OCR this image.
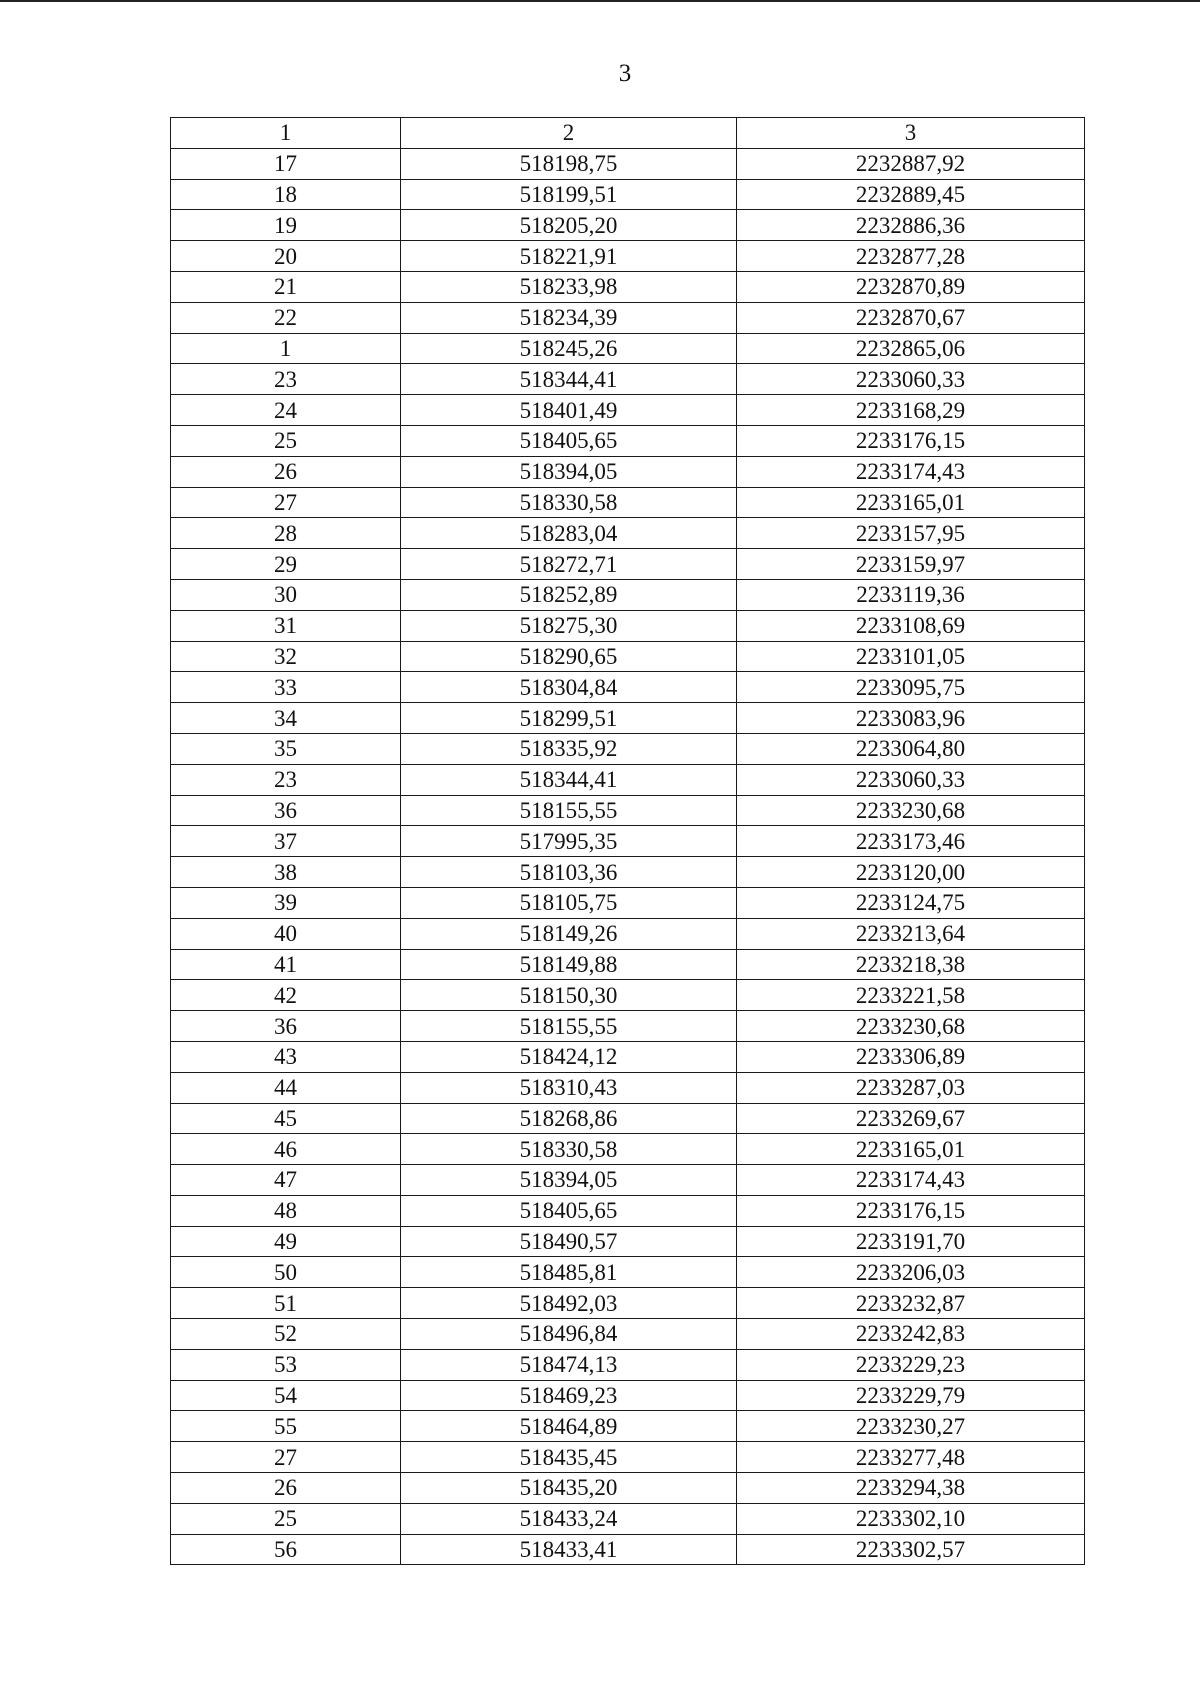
3
1	2	3
17	518198,75	2232887,92
18	518199,51	2232889,45
19	518205,20	2232886,36
20	518221,91	2232877,28
21	518233,98	2232870,89
22	518234,39	2232870,67
1	518245,26	2232865,06
23	518344,41	2233060,33
24	518401,49	2233168,29
25	518405,65	2233176,15
26	518394,05	2233174,43
27	518330,58	2233165,01
28	518283,04	2233157,95
29	518272,71	2233159,97
30	518252,89	2233119,36
31	518275,30	2233108,69
32	518290,65	2233101,05
33	518304,84	2233095,75
34	518299,51	2233083,96
35	518335,92	2233064,80
23	518344,41	2233060,33
36	518155,55	2233230,68
37	517995,35	2233173,46
38	518103,36	2233120,00
39	518105,75	2233124,75
40	518149,26	2233213,64
41	518149,88	2233218,38
42	518150,30	2233221,58
36	518155,55	2233230,68
43	518424,12	2233306,89
44	518310,43	2233287,03
45	518268,86	2233269,67
46	518330,58	2233165,01
47	518394,05	2233174,43
48	518405,65	2233176,15
49	518490,57	2233191,70
50	518485,81	2233206,03
51	518492,03	2233232,87
52	518496,84	2233242,83
53	518474,13	2233229,23
54	518469,23	2233229,79
55	518464,89	2233230,27
27	518435,45	2233277,48
26	518435,20	2233294,38
25	518433,24	2233302,10
56	518433,41	2233302,57
